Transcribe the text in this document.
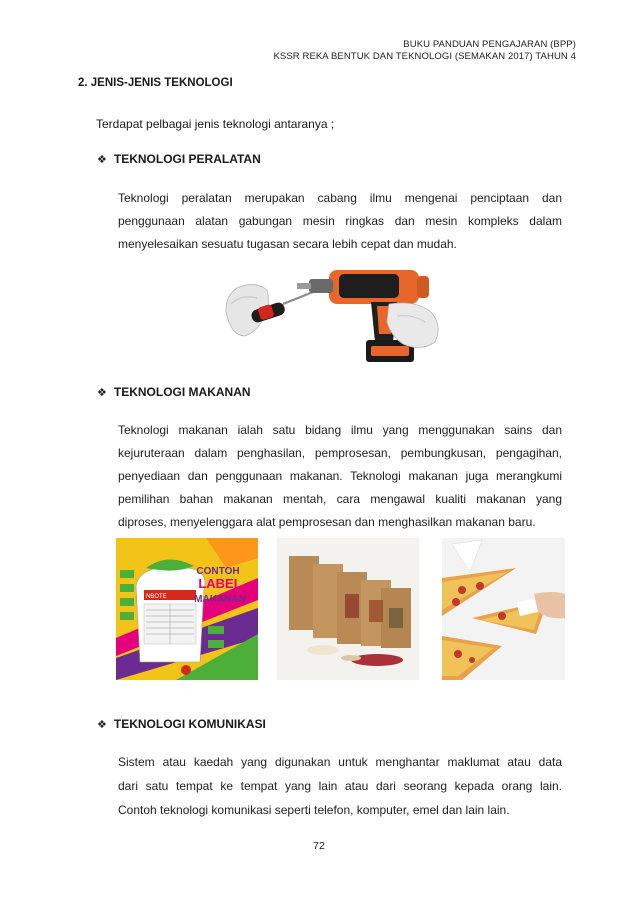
BUKU PANDUAN PENGAJARAN (BPP)
KSSR REKA BENTUK DAN TEKNOLOGI (SEMAKAN 2017) TAHUN 4
2. JENIS-JENIS TEKNOLOGI
Terdapat pelbagai jenis teknologi antaranya ;
❖ TEKNOLOGI PERALATAN
Teknologi peralatan merupakan cabang ilmu mengenai penciptaan dan
penggunaan alatan gabungan mesin ringkas dan mesin kompleks dalam
menyelesaikan sesuatu tugasan secara lebih cepat dan mudah.
❖ TEKNOLOGI MAKANAN
Teknologi makanan ialah satu bidang ilmu yang menggunakan sains dan
kejuruteraan dalam penghasilan, pemprosesan, pembungkusan, pengagihan,
penyediaan dan penggunaan makanan. Teknologi makanan juga merangkumi
pemilihan bahan makanan mentah, cara mengawal kualiti makanan yang
diproses, menyelenggara alat pemprosesan dan menghasilkan makanan baru.
NBOTE
CONTOH
LABEL
MAKANAN
❖ TEKNOLOGI KOMUNIKASI
Sistem atau kaedah yang digunakan untuk menghantar maklumat atau data
dari satu tempat ke tempat yang lain atau dari seorang kepada orang lain.
Contoh teknologi komunikasi seperti telefon, komputer, emel dan lain lain.
72
